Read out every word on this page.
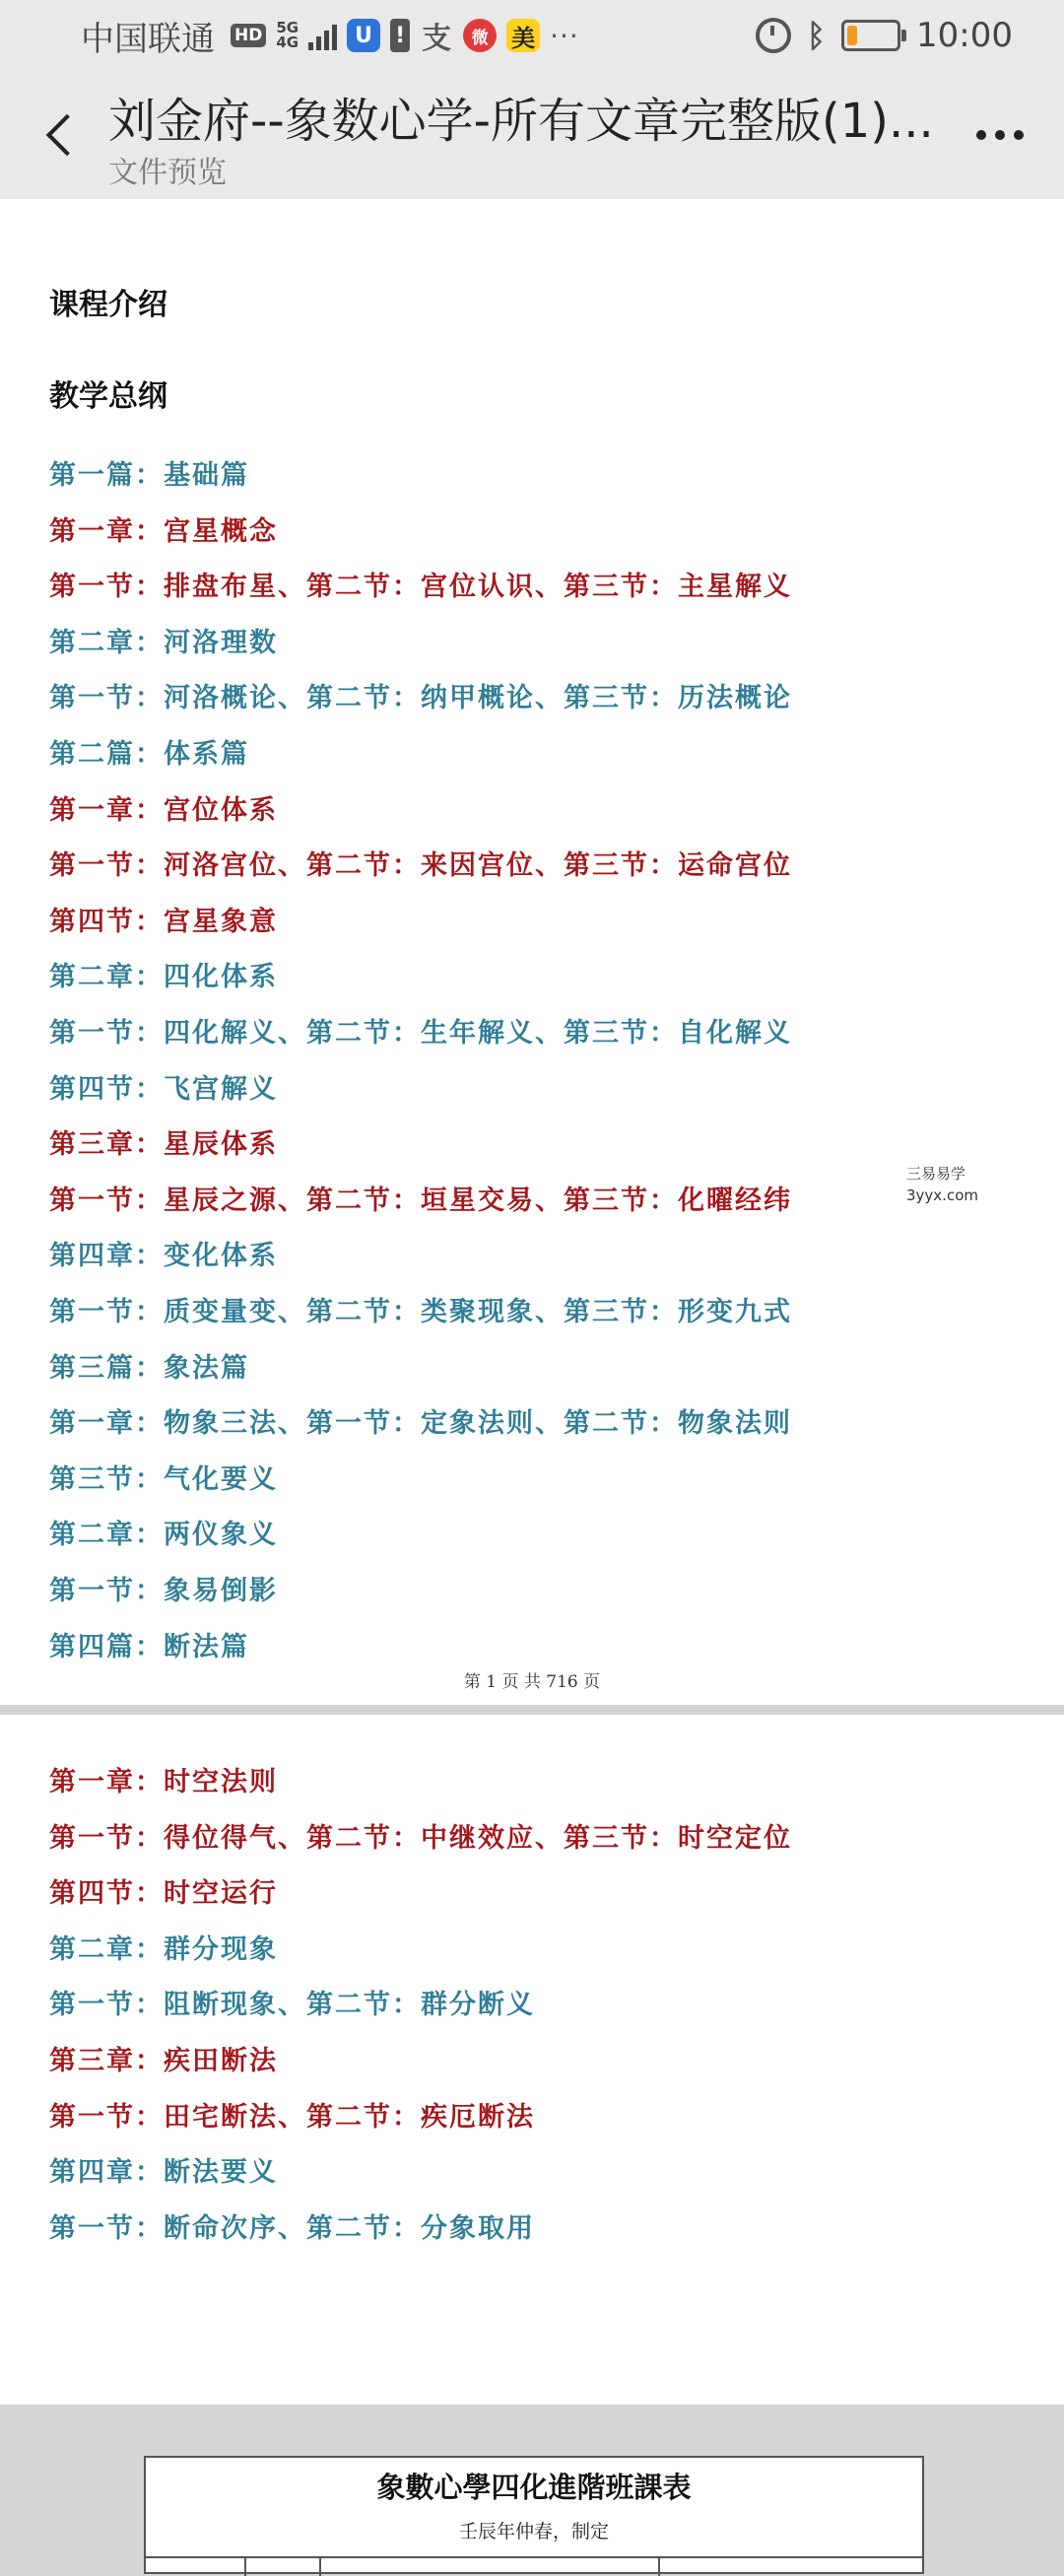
中国联通 HD 5G
4G	U	! 支	微 美 ···	ᛒ	10:00
刘金府--象数心学-所有文章完整版(1)...
文件预览
课程介绍
教学总纲
第一篇：基础篇
第一章：宫星概念
第一节：排盘布星、第二节：宫位认识、第三节：主星解义
第二章：河洛理数
第一节：河洛概论、第二节：纳甲概论、第三节：历法概论
第二篇：体系篇
第一章：宫位体系
第一节：河洛宫位、第二节：来因宫位、第三节：运命宫位
第四节：宫星象意
第二章：四化体系
第一节：四化解义、第二节：生年解义、第三节：自化解义
第四节：飞宫解义
第三章：星辰体系
第一节：星辰之源、第二节：垣星交易、第三节：化曜经纬
第四章：变化体系
第一节：质变量变、第二节：类聚现象、第三节：形变九式
第三篇：象法篇
第一章：物象三法、第一节：定象法则、第二节：物象法则
第三节：气化要义
第二章：两仪象义
第一节：象易倒影
第四篇：断法篇
三易易学
3yyx.com
第 1 页 共 716 页
第一章：时空法则
第一节：得位得气、第二节：中继效应、第三节：时空定位
第四节：时空运行
第二章：群分现象
第一节：阻断现象、第二节：群分断义
第三章：疾田断法
第一节：田宅断法、第二节：疾厄断法
第四章：断法要义
第一节：断命次序、第二节：分象取用
象數心學四化進階班課表
壬辰年仲春，制定
